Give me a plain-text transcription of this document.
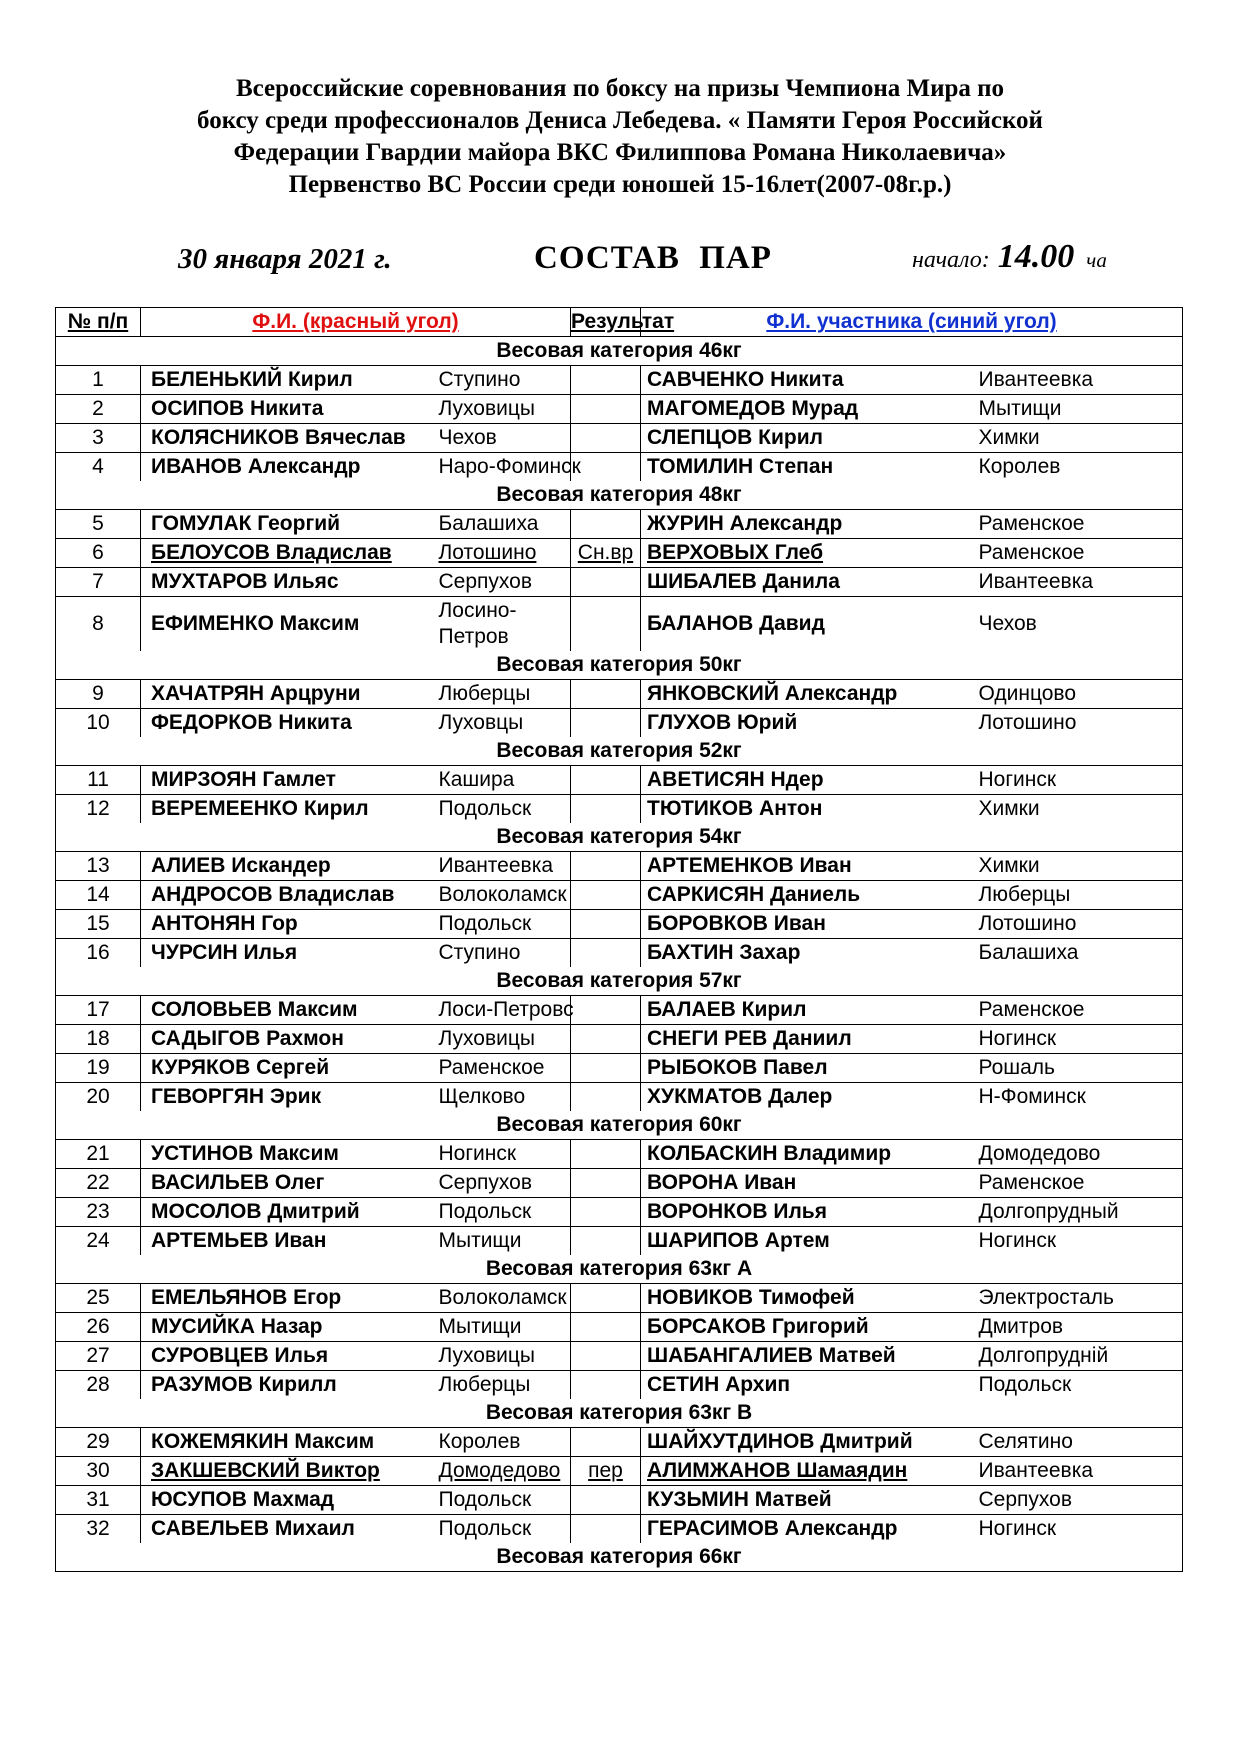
Всероссийские соревнования по боксу на призы Чемпиона Мира по
боксу среди профессионалов Дениса Лебедева. « Памяти Героя Российской
Федерации Гвардии майора ВКС Филиппова Романа Николаевича»
Первенство ВС России среди юношей 15-16лет(2007-08г.р.)
30 января 2021 г.	СОСТАВ ПАР	начало: 14.00 ча
№ п/п	Ф.И. (красный угол)		Результат	Ф.И. участника (синий угол)	
Весовая категория 46кг					
1	БЕЛЕНЬКИЙ Кирил	Ступино		САВЧЕНКО Никита	Ивантеевка
2	ОСИПОВ Никита	Луховицы		МАГОМЕДОВ Мурад	Мытищи
3	КОЛЯСНИКОВ Вячеслав	Чехов		СЛЕПЦОВ Кирил	Химки
4	ИВАНОВ Александр	Наро-Фоминск		ТОМИЛИН Степан	Королев
Весовая категория 48кг					
5	ГОМУЛАК Георгий	Балашиха		ЖУРИН Александр	Раменское
6	БЕЛОУСОВ Владислав	Лотошино	Сн.вр	ВЕРХОВЫХ Глеб	Раменское
7	МУХТАРОВ Ильяс	Серпухов		ШИБАЛЕВ Данила	Ивантеевка
8	ЕФИМЕНКО Максим	Лосино-Петров		БАЛАНОВ Давид	Чехов
Весовая категория 50кг					
9	ХАЧАТРЯН Арцруни	Люберцы		ЯНКОВСКИЙ Александр	Одинцово
10	ФЕДОРКОВ Никита	Луховцы		ГЛУХОВ Юрий	Лотошино
Весовая категория 52кг					
11	МИРЗОЯН Гамлет	Кашира		АВЕТИСЯН Ндер	Ногинск
12	ВЕРЕМЕЕНКО Кирил	Подольск		ТЮТИКОВ Антон	Химки
Весовая категория 54кг					
13	АЛИЕВ Искандер	Ивантеевка		АРТЕМЕНКОВ Иван	Химки
14	АНДРОСОВ Владислав	Волоколамск		САРКИСЯН Даниель	Люберцы
15	АНТОНЯН Гор	Подольск		БОРОВКОВ Иван	Лотошино
16	ЧУРСИН Илья	Ступино		БАХТИН Захар	Балашиха
Весовая категория 57кг					
17	СОЛОВЬЕВ Максим	Лоси-Петровс		БАЛАЕВ Кирил	Раменское
18	САДЫГОВ Рахмон	Луховицы		СНЕГИ РЕВ Даниил	Ногинск
19	КУРЯКОВ Сергей	Раменское		РЫБОКОВ Павел	Рошаль
20	ГЕВОРГЯН Эрик	Щелково		ХУКМАТОВ Далер	Н-Фоминск
Весовая категория 60кг					
21	УСТИНОВ Максим	Ногинск		КОЛБАСКИН Владимир	Домодедово
22	ВАСИЛЬЕВ Олег	Серпухов		ВОРОНА Иван	Раменское
23	МОСОЛОВ Дмитрий	Подольск		ВОРОНКОВ Илья	Долгопрудный
24	АРТЕМЬЕВ Иван	Мытищи		ШАРИПОВ Артем	Ногинск
Весовая категория 63кг А					
25	ЕМЕЛЬЯНОВ Егор	Волоколамск		НОВИКОВ Тимофей	Электросталь
26	МУСИЙКА Назар	Мытищи		БОРСАКОВ Григорий	Дмитров
27	СУРОВЦЕВ Илья	Луховицы		ШАБАНГАЛИЕВ Матвей	Долгопрудній
28	РАЗУМОВ Кирилл	Люберцы		СЕТИН Архип	Подольск
Весовая категория 63кг В					
29	КОЖЕМЯКИН Максим	Королев		ШАЙХУТДИНОВ Дмитрий	Селятино
30	ЗАКШЕВСКИЙ Виктор	Домодедово	пер	АЛИМЖАНОВ Шамаядин	Ивантеевка
31	ЮСУПОВ Махмад	Подольск		КУЗЬМИН Матвей	Серпухов
32	САВЕЛЬЕВ Михаил	Подольск		ГЕРАСИМОВ Александр	Ногинск
Весовая категория 66кг					
